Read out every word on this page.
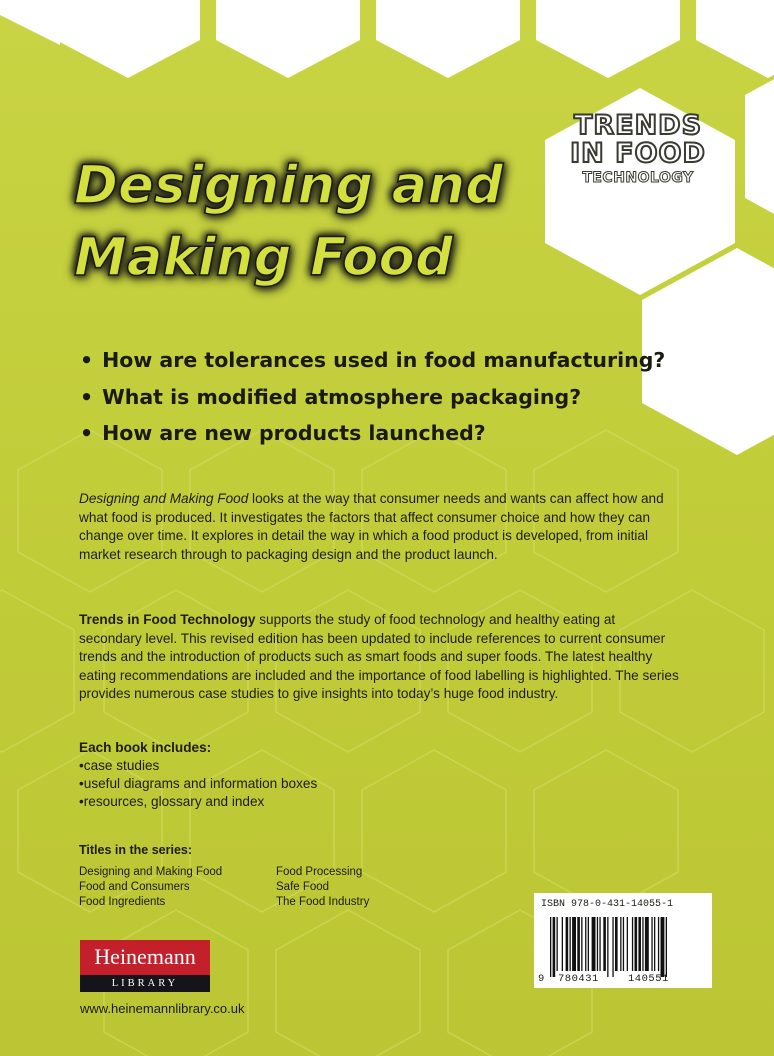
TRENDS
IN FOOD
TECHNOLOGY
Designing and
Making Food
• How are tolerances used in food manufacturing?
• What is modified atmosphere packaging?
• How are new products launched?

Designing and Making Food looks at the way that consumer needs and wants can affect how and what food is produced. It investigates the factors that affect consumer choice and how they can change over time. It explores in detail the way in which a food product is developed, from initial market research through to packaging design and the product launch.

Trends in Food Technology supports the study of food technology and healthy eating at secondary level. This revised edition has been updated to include references to current consumer trends and the introduction of products such as smart foods and super foods. The latest healthy eating recommendations are included and the importance of food labelling is highlighted. The series provides numerous case studies to give insights into today’s huge food industry.

Each book includes:
• case studies
• useful diagrams and information boxes
• resources, glossary and index
Titles in the series:
Designing and Making Food
Food and Consumers
Food Ingredients
Food Processing
Safe Food
The Food Industry
Heinemann
LIBRARY
www.heinemannlibrary.co.uk
ISBN 978-0-431-14055-1
9 780431	140551
